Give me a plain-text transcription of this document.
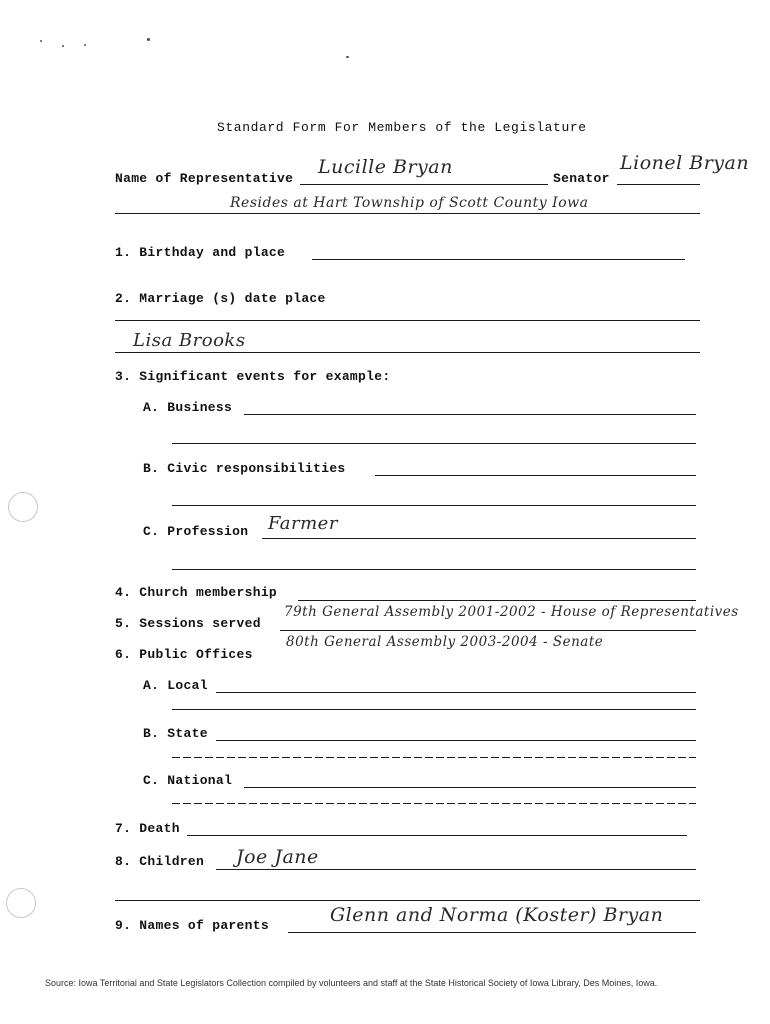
Standard Form For Members of the Legislature
Name of Representative
Lucille Bryan
Senator
Lionel Bryan
Resides at Hart Township of Scott County Iowa
1. Birthday and place
2. Marriage (s) date place
Lisa Brooks
3. Significant events for example:
A. Business
B. Civic responsibilities
C. Profession Farmer
4. Church membership
5. Sessions served
79th General Assembly 2001-2002 - House of Representatives
6. Public Offices
80th General Assembly 2003-2004 - Senate
A. Local
B. State
C. National
7. Death
8. Children Joe Jane
9. Names of parents	Glenn and Norma (Koster) Bryan
Source: Iowa Territorial and State Legislators Collection compiled by volunteers and staff at the State Historical Society of Iowa Library, Des Moines, Iowa.
